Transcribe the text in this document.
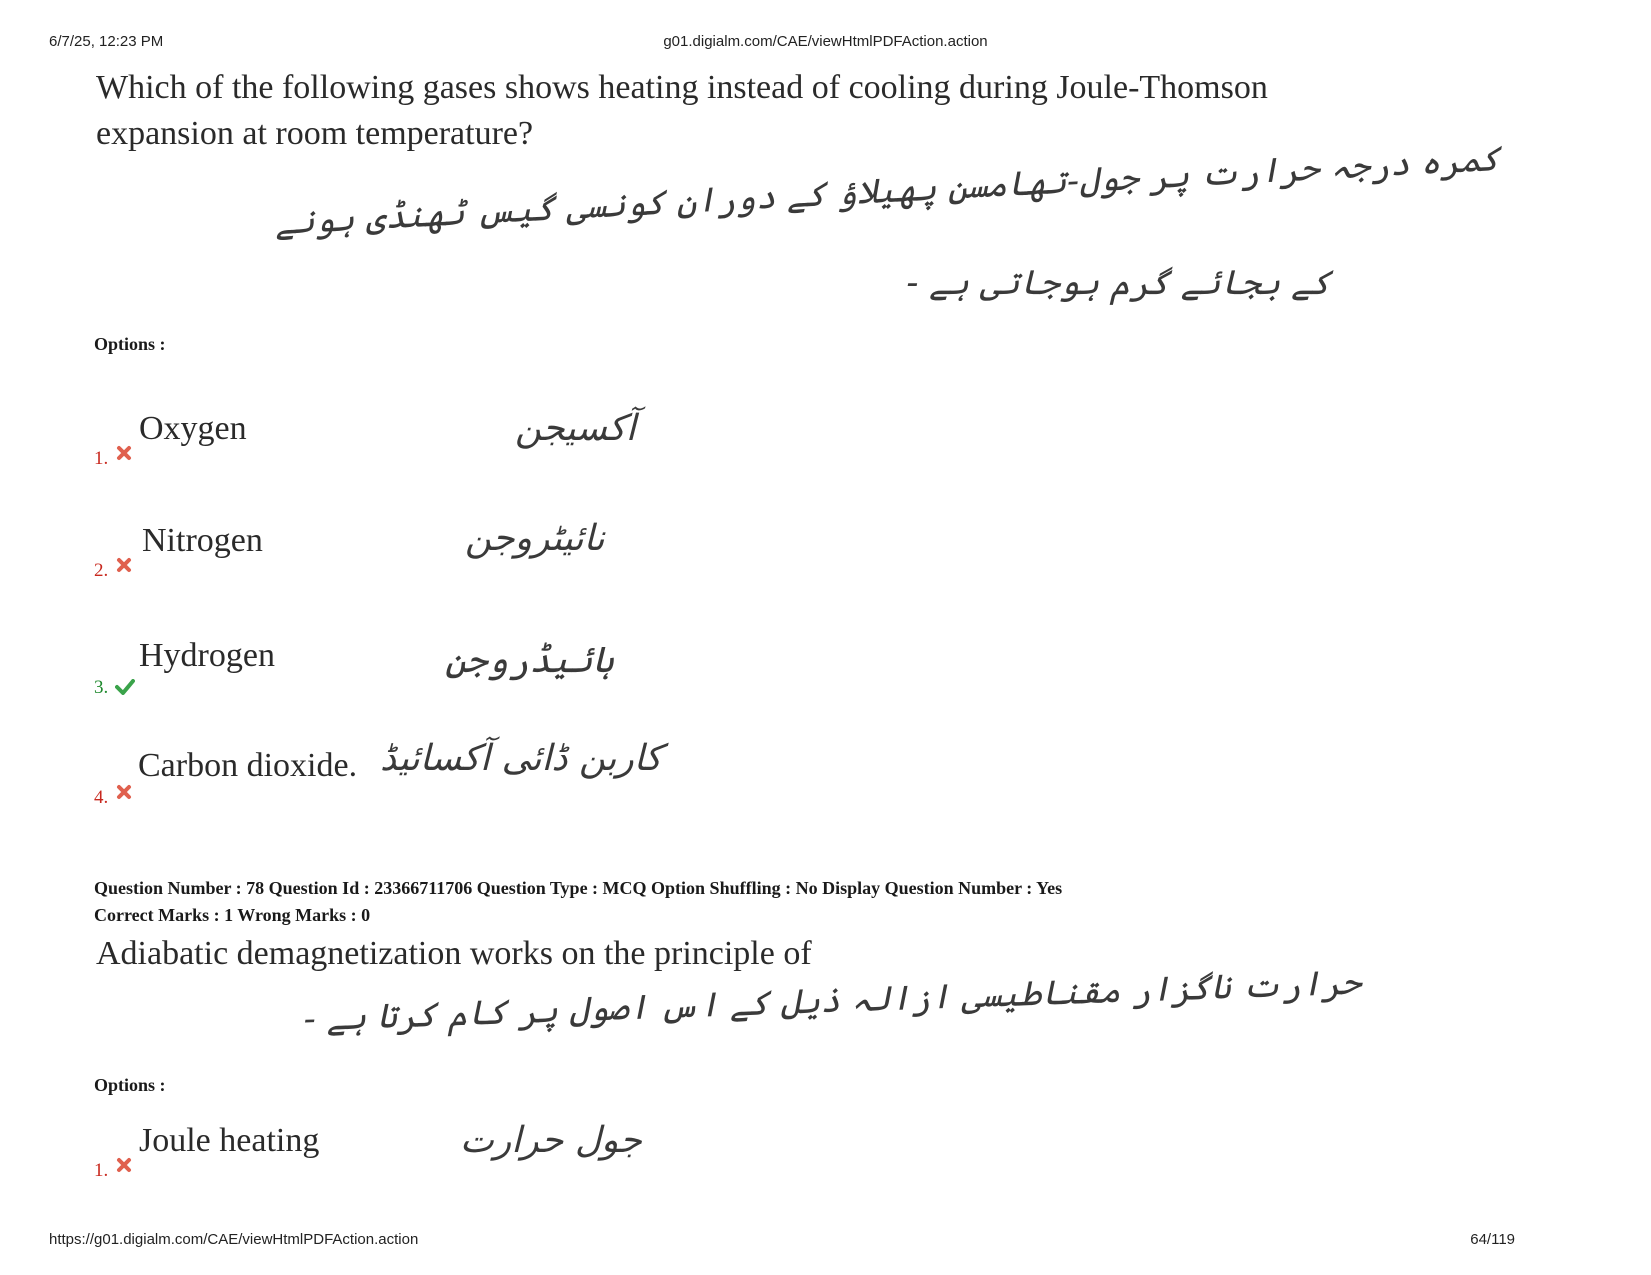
6/7/25, 12:23 PM	g01.digialm.com/CAE/viewHtmlPDFAction.action
Which of the following gases shows heating instead of cooling during Joule-Thomson
expansion at room temperature?
کمرہ درجہ حرارت پر جول-تھامسن پھیلاؤ کے دوران کونسی گیس ٹھنڈی ہونے
کے بجائے گرم ہوجاتی ہے -
Options :
1.
Oxygen	آکسیجن
2.
Nitrogen	نائیٹروجن
3.
Hydrogen	ہائیڈروجن
4.
Carbon dioxide. کاربن ڈائی آکسائیڈ
Question Number : 78 Question Id : 23366711706 Question Type : MCQ Option Shuffling : No Display Question Number : Yes
Correct Marks : 1 Wrong Marks : 0
Adiabatic demagnetization works on the principle of
حرارت ناگزار مقناطیسی ازالہ ذیل کے اس اصول پر کام کرتا ہے -
Options :
1.
Joule heating	جول حرارت
https://g01.digialm.com/CAE/viewHtmlPDFAction.action	64/119
